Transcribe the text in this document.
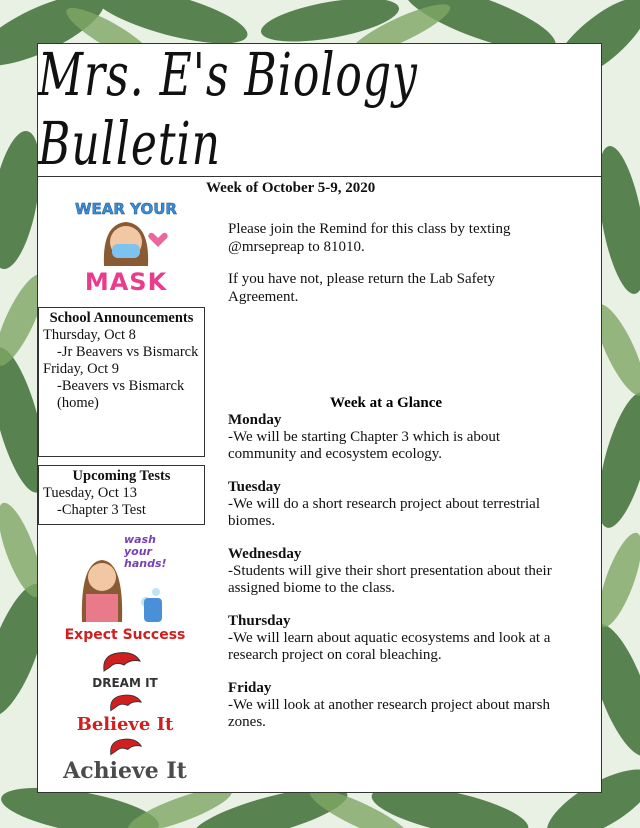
Mrs. E's Biology Bulletin
Week of October 5-9, 2020
Please join the Remind for this class by texting @mrsepreap to 81010.
If you have not, please return the Lab Safety Agreement.
WEAR YOUR
MASK
School Announcements
Thursday, Oct 8
-Jr Beavers vs Bismarck
Friday, Oct 9
-Beavers vs Bismarck (home)
Upcoming Tests
Tuesday, Oct 13
-Chapter 3 Test
wash your hands!
Expect Success
DREAM IT
Believe It
Achieve It
Week at a Glance
Monday
-We will be starting Chapter 3 which is about community and ecosystem ecology.
Tuesday
-We will do a short research project about terrestrial biomes.
Wednesday
-Students will give their short presentation about their assigned biome to the class.
Thursday
-We will learn about aquatic ecosystems and look at a research project on coral bleaching.
Friday
-We will look at another research project about marsh zones.
